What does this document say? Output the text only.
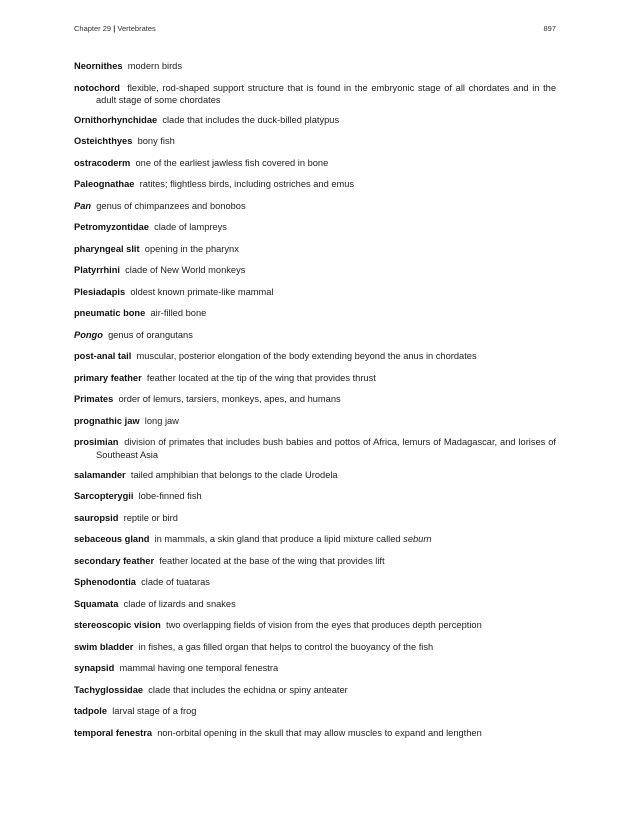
Chapter 29 | Vertebrates	897
Neornithes modern birds
notochord flexible, rod-shaped support structure that is found in the embryonic stage of all chordates and in the adult stage of some chordates
Ornithorhynchidae clade that includes the duck-billed platypus
Osteichthyes bony fish
ostracoderm one of the earliest jawless fish covered in bone
Paleognathae ratites; flightless birds, including ostriches and emus
Pan genus of chimpanzees and bonobos
Petromyzontidae clade of lampreys
pharyngeal slit opening in the pharynx
Platyrrhini clade of New World monkeys
Plesiadapis oldest known primate-like mammal
pneumatic bone air-filled bone
Pongo genus of orangutans
post-anal tail muscular, posterior elongation of the body extending beyond the anus in chordates
primary feather feather located at the tip of the wing that provides thrust
Primates order of lemurs, tarsiers, monkeys, apes, and humans
prognathic jaw long jaw
prosimian division of primates that includes bush babies and pottos of Africa, lemurs of Madagascar, and lorises of Southeast Asia
salamander tailed amphibian that belongs to the clade Urodela
Sarcopterygii lobe-finned fish
sauropsid reptile or bird
sebaceous gland in mammals, a skin gland that produce a lipid mixture called seburn
secondary feather feather located at the base of the wing that provides lift
Sphenodontia clade of tuataras
Squamata clade of lizards and snakes
stereoscopic vision two overlapping fields of vision from the eyes that produces depth perception
swim bladder in fishes, a gas filled organ that helps to control the buoyancy of the fish
synapsid mammal having one temporal fenestra
Tachyglossidae clade that includes the echidna or spiny anteater
tadpole larval stage of a frog
temporal fenestra non-orbital opening in the skull that may allow muscles to expand and lengthen
